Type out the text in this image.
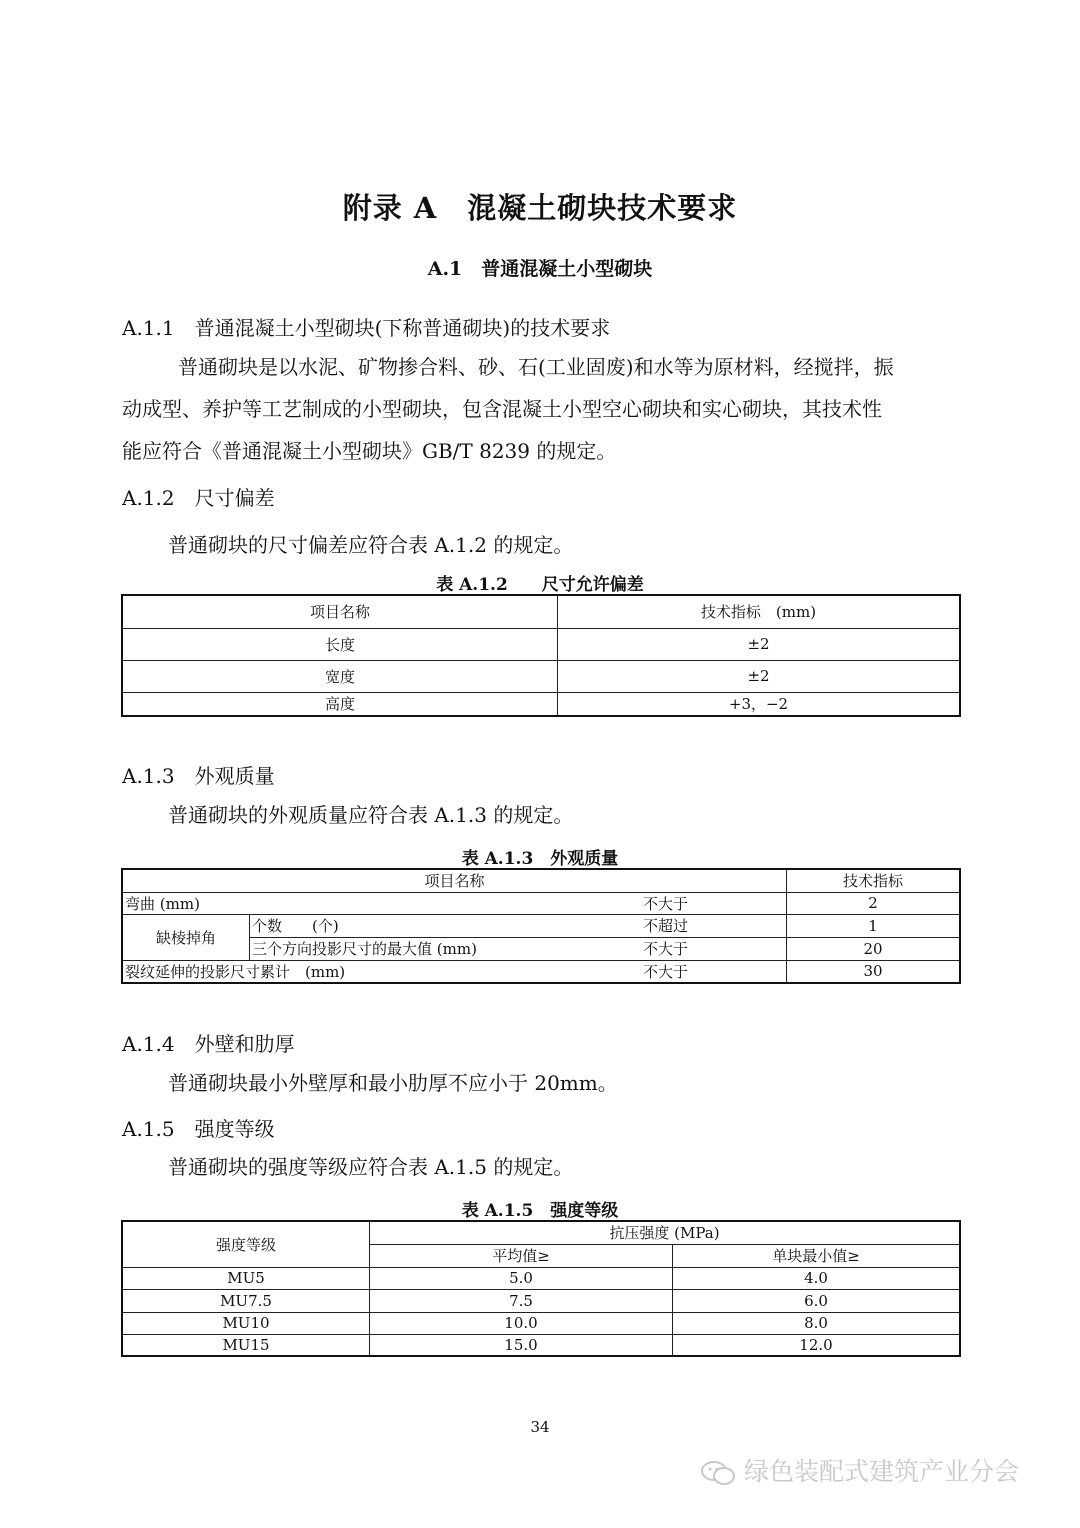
附录 A　混凝土砌块技术要求
A.1　普通混凝土小型砌块
A.1.1　普通混凝土小型砌块(下称普通砌块)的技术要求
普通砌块是以水泥、矿物掺合料、砂、石(工业固废)和水等为原材料，经搅拌，振
动成型、养护等工艺制成的小型砌块，包含混凝土小型空心砌块和实心砌块，其技术性
能应符合《普通混凝土小型砌块》GB/T 8239 的规定。
A.1.2　尺寸偏差
普通砌块的尺寸偏差应符合表 A.1.2 的规定。
表 A.1.2　　尺寸允许偏差
项目名称	技术指标　(mm)
长度	±2
宽度	±2
高度	+3，−2
A.1.3　外观质量
普通砌块的外观质量应符合表 A.1.3 的规定。
表 A.1.3　外观质量
项目名称		技术指标

弯曲 (mm) 不大于		2
缺棱掉角	个数　　(个) 不超过	1

	三个方向投影尺寸的最大值 (mm) 不大于	20

裂纹延伸的投影尺寸累计　(mm) 不大于		30
A.1.4　外壁和肋厚
普通砌块最小外壁厚和最小肋厚不应小于 20mm。
A.1.5　强度等级
普通砌块的强度等级应符合表 A.1.5 的规定。
表 A.1.5　强度等级
强度等级	抗压强度 (MPa)	
	平均值≥	单块最小值≥
MU5	5.0	4.0
MU7.5	7.5	6.0
MU10	10.0	8.0
MU15	15.0	12.0
34
绿色装配式建筑产业分会
